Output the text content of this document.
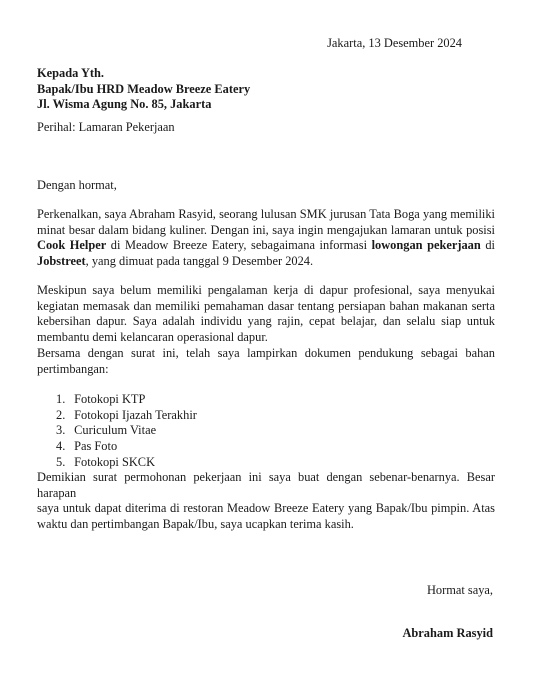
Jakarta, 13 Desember 2024
Kepada Yth.
Bapak/Ibu HRD Meadow Breeze Eatery
Jl. Wisma Agung No. 85, Jakarta
Perihal: Lamaran Pekerjaan
Dengan hormat,
Perkenalkan, saya Abraham Rasyid, seorang lulusan SMK jurusan Tata Boga yang memiliki
minat besar dalam bidang kuliner. Dengan ini, saya ingin mengajukan lamaran untuk posisi
Cook Helper di Meadow Breeze Eatery, sebagaimana informasi lowongan pekerjaan di
Jobstreet, yang dimuat pada tanggal 9 Desember 2024.
Meskipun saya belum memiliki pengalaman kerja di dapur profesional, saya menyukai
kegiatan memasak dan memiliki pemahaman dasar tentang persiapan bahan makanan serta
kebersihan dapur. Saya adalah individu yang rajin, cepat belajar, dan selalu siap untuk
membantu demi kelancaran operasional dapur.
Bersama dengan surat ini, telah saya lampirkan dokumen pendukung sebagai bahan
pertimbangan:
1. Fotokopi KTP
2. Fotokopi Ijazah Terakhir
3. Curiculum Vitae
4. Pas Foto
5. Fotokopi SKCK
Demikian surat permohonan pekerjaan ini saya buat dengan sebenar-benarnya. Besar harapan
saya untuk dapat diterima di restoran Meadow Breeze Eatery yang Bapak/Ibu pimpin. Atas
waktu dan pertimbangan Bapak/Ibu, saya ucapkan terima kasih.
Hormat saya,
Abraham Rasyid
